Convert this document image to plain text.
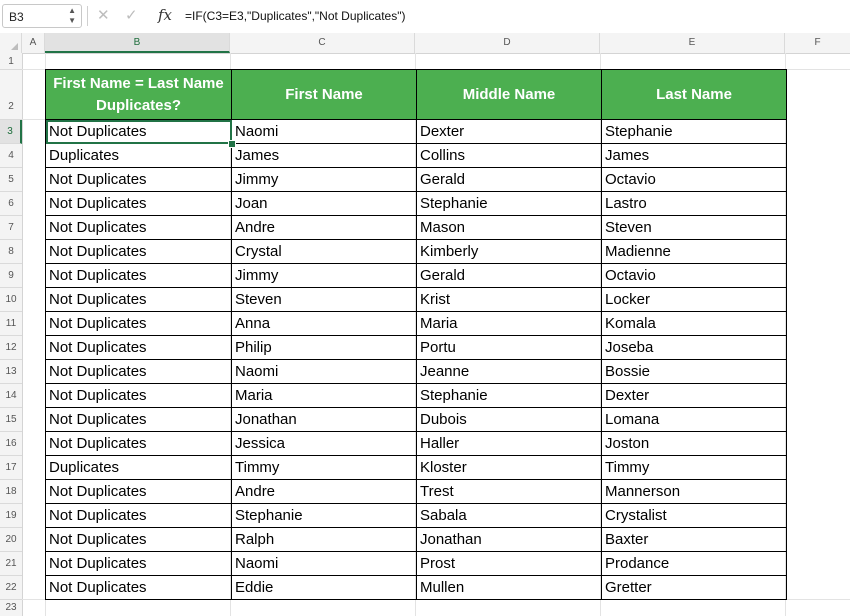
B3	▲
▼ ✕ ✓ fx =IF(C3=E3,"Duplicates","Not Duplicates")
A	B	C	D	E	F
1
2
3
4
5
6
7
8
9
10
11
12
13
14
15
16
17
18
19
20
21
22
23
First Name = Last Name Duplicates?	First Name	Middle Name	Last Name
Not Duplicates	Naomi	Dexter	Stephanie
Duplicates	James	Collins	James
Not Duplicates	Jimmy	Gerald	Octavio
Not Duplicates	Joan	Stephanie	Lastro
Not Duplicates	Andre	Mason	Steven
Not Duplicates	Crystal	Kimberly	Madienne
Not Duplicates	Jimmy	Gerald	Octavio
Not Duplicates	Steven	Krist	Locker
Not Duplicates	Anna	Maria	Komala
Not Duplicates	Philip	Portu	Joseba
Not Duplicates	Naomi	Jeanne	Bossie
Not Duplicates	Maria	Stephanie	Dexter
Not Duplicates	Jonathan	Dubois	Lomana
Not Duplicates	Jessica	Haller	Joston
Duplicates	Timmy	Kloster	Timmy
Not Duplicates	Andre	Trest	Mannerson
Not Duplicates	Stephanie	Sabala	Crystalist
Not Duplicates	Ralph	Jonathan	Baxter
Not Duplicates	Naomi	Prost	Prodance
Not Duplicates	Eddie	Mullen	Gretter
